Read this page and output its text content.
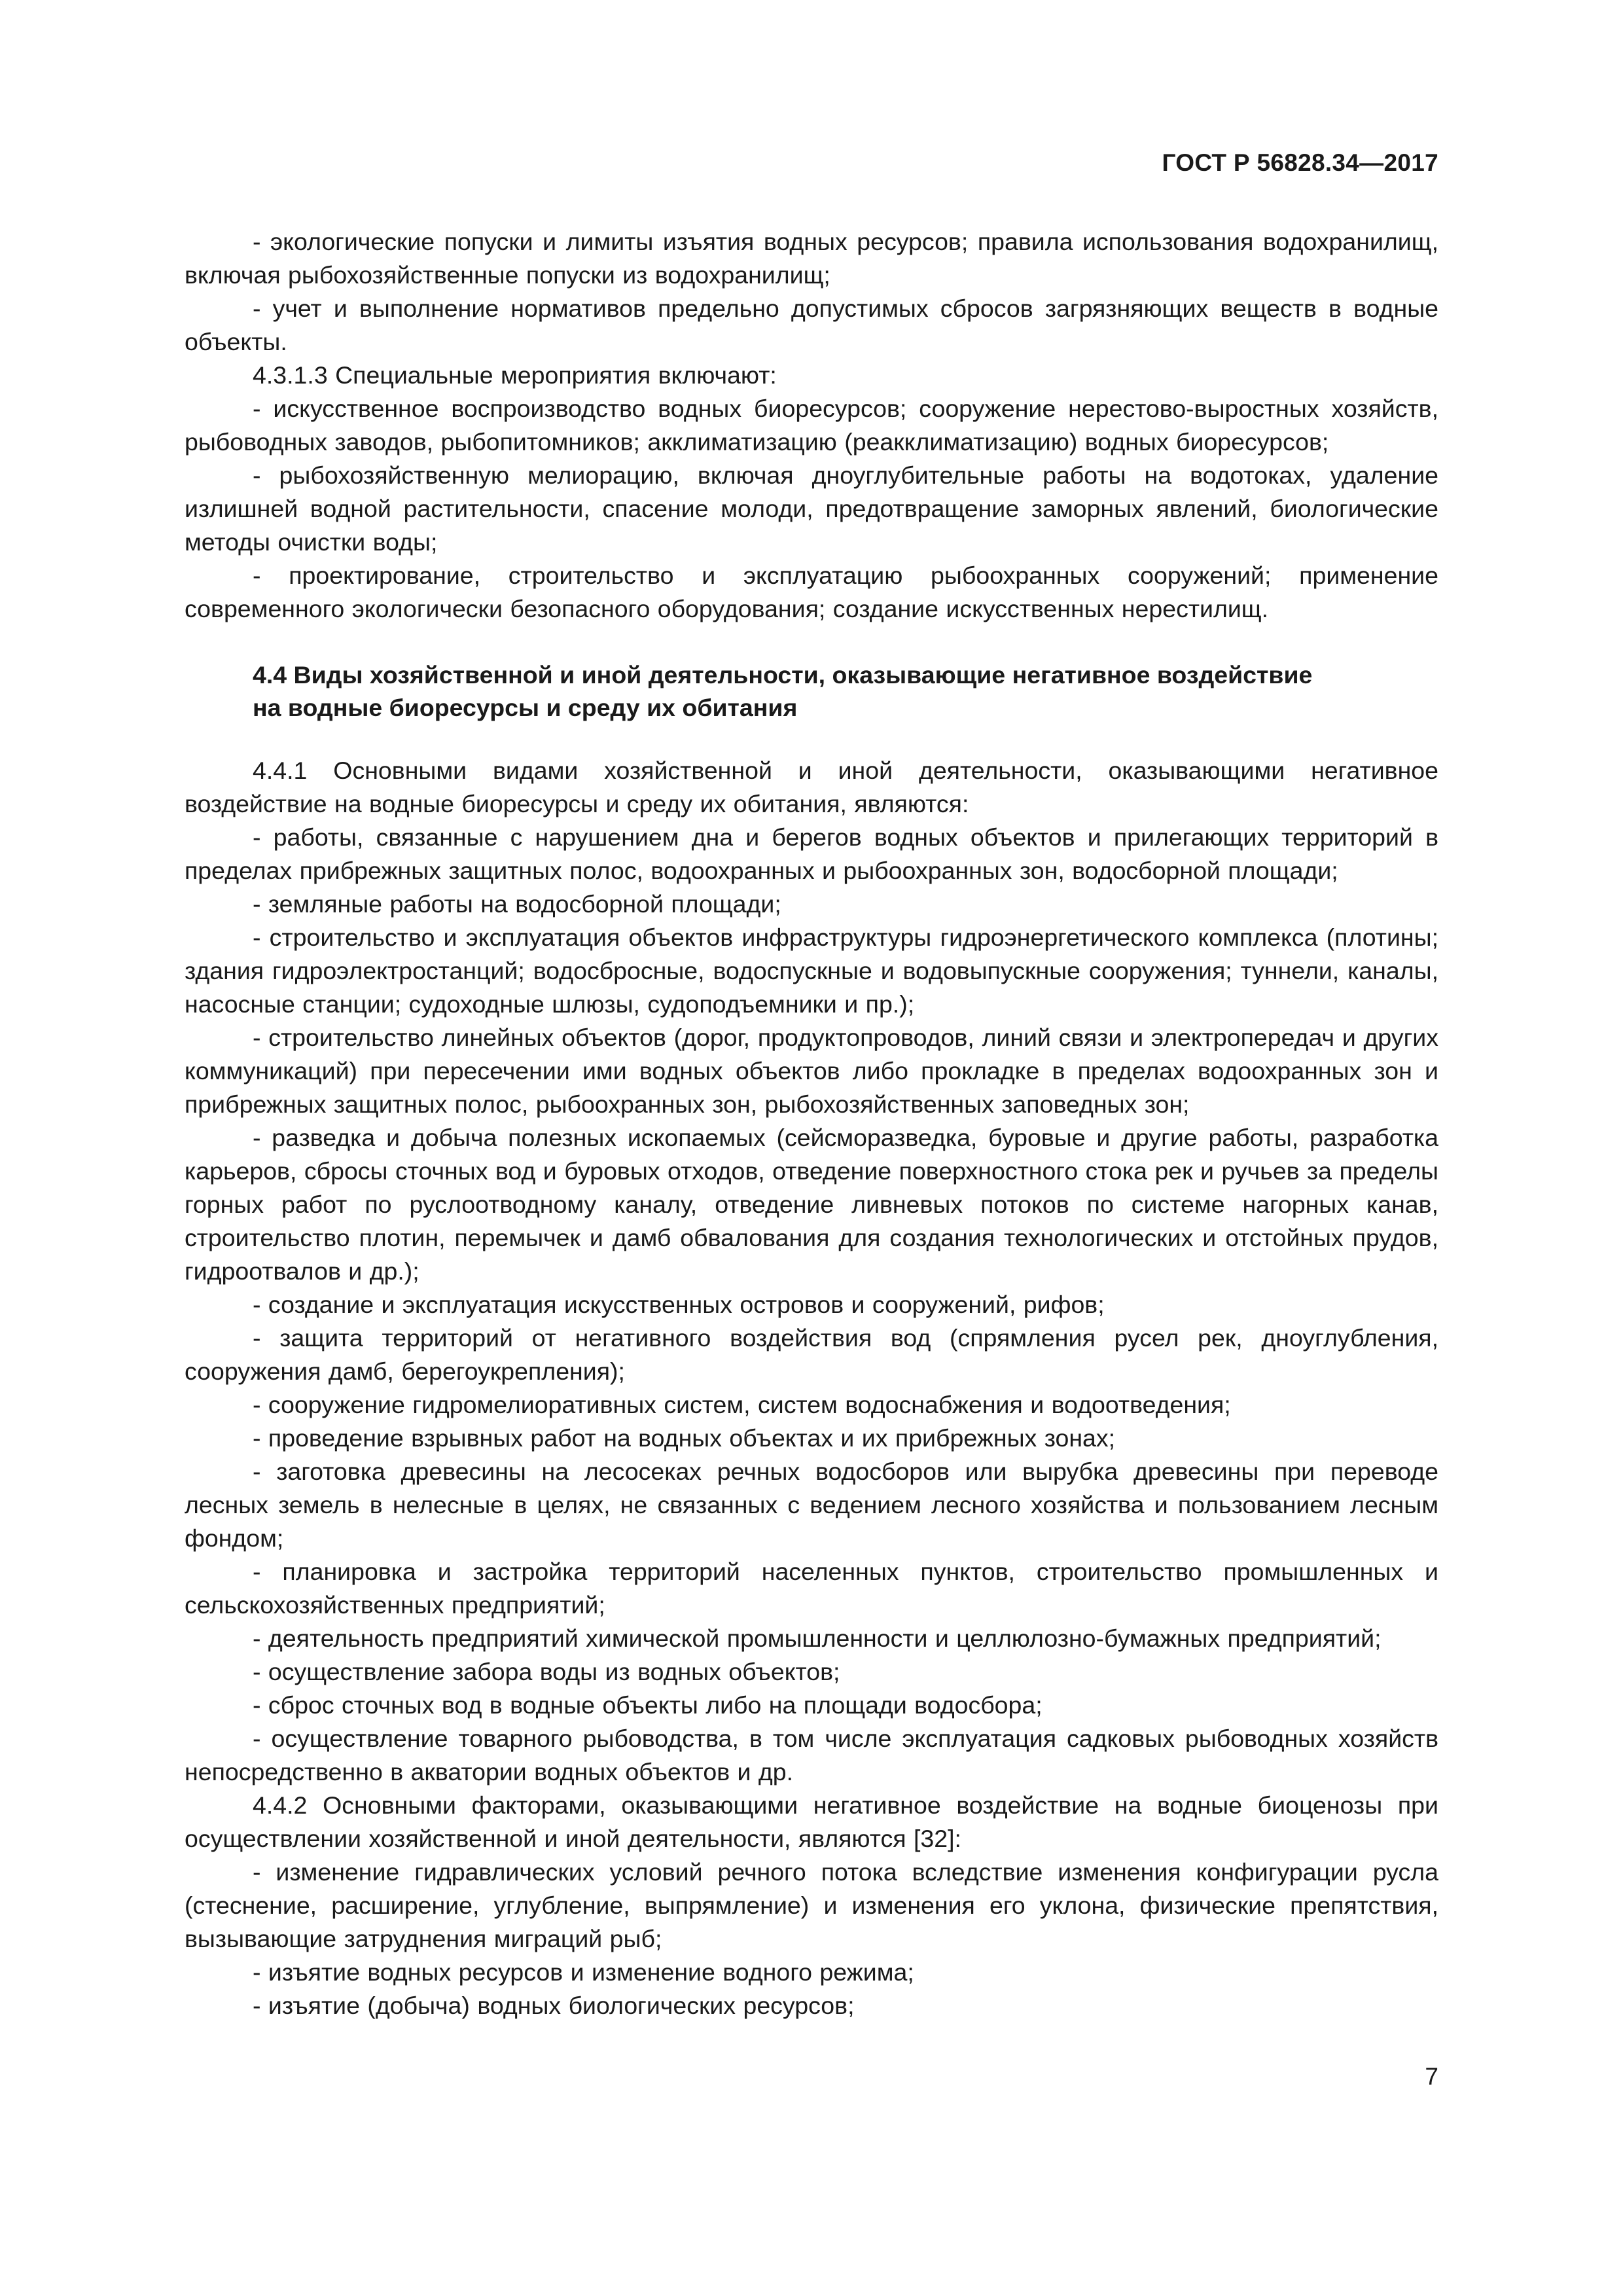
ГОСТ Р 56828.34—2017

- экологические попуски и лимиты изъятия водных ресурсов; правила использования водохранилищ, включая рыбохозяйственные попуски из водохранилищ;

- учет и выполнение нормативов предельно допустимых сбросов загрязняющих веществ в водные объекты.

4.3.1.3 Специальные мероприятия включают:

- искусственное воспроизводство водных биоресурсов; сооружение нерестово-выростных хозяйств, рыбоводных заводов, рыбопитомников; акклиматизацию (реакклиматизацию) водных биоресурсов;

- рыбохозяйственную мелиорацию, включая дноуглубительные работы на водотоках, удаление излишней водной растительности, спасение молоди, предотвращение заморных явлений, биологические методы очистки воды;

- проектирование, строительство и эксплуатацию рыбоохранных сооружений; применение современного экологически безопасного оборудования; создание искусственных нерестилищ.

4.4 Виды хозяйственной и иной деятельности, оказывающие негативное воздействие
на водные биоресурсы и среду их обитания

4.4.1 Основными видами хозяйственной и иной деятельности, оказывающими негативное воздействие на водные биоресурсы и среду их обитания, являются:

- работы, связанные с нарушением дна и берегов водных объектов и прилегающих территорий в пределах прибрежных защитных полос, водоохранных и рыбоохранных зон, водосборной площади;

- земляные работы на водосборной площади;

- строительство и эксплуатация объектов инфраструктуры гидроэнергетического комплекса (плотины; здания гидроэлектростанций; водосбросные, водоспускные и водовыпускные сооружения; туннели, каналы, насосные станции; судоходные шлюзы, судоподъемники и пр.);

- строительство линейных объектов (дорог, продуктопроводов, линий связи и электропередач и других коммуникаций) при пересечении ими водных объектов либо прокладке в пределах водоохранных зон и прибрежных защитных полос, рыбоохранных зон, рыбохозяйственных заповедных зон;

- разведка и добыча полезных ископаемых (сейсморазведка, буровые и другие работы, разработка карьеров, сбросы сточных вод и буровых отходов, отведение поверхностного стока рек и ручьев за пределы горных работ по руслоотводному каналу, отведение ливневых потоков по системе нагорных канав, строительство плотин, перемычек и дамб обвалования для создания технологических и отстойных прудов, гидроотвалов и др.);

- создание и эксплуатация искусственных островов и сооружений, рифов;

- защита территорий от негативного воздействия вод (спрямления русел рек, дноуглубления, сооружения дамб, берегоукрепления);

- сооружение гидромелиоративных систем, систем водоснабжения и водоотведения;

- проведение взрывных работ на водных объектах и их прибрежных зонах;

- заготовка древесины на лесосеках речных водосборов или вырубка древесины при переводе лесных земель в нелесные в целях, не связанных с ведением лесного хозяйства и пользованием лесным фондом;

- планировка и застройка территорий населенных пунктов, строительство промышленных и сельскохозяйственных предприятий;

- деятельность предприятий химической промышленности и целлюлозно-бумажных предприятий;

- осуществление забора воды из водных объектов;

- сброс сточных вод в водные объекты либо на площади водосбора;

- осуществление товарного рыбоводства, в том числе эксплуатация садковых рыбоводных хозяйств непосредственно в акватории водных объектов и др.

4.4.2 Основными факторами, оказывающими негативное воздействие на водные биоценозы при осуществлении хозяйственной и иной деятельности, являются [32]:

- изменение гидравлических условий речного потока вследствие изменения конфигурации русла (стеснение, расширение, углубление, выпрямление) и изменения его уклона, физические препятствия, вызывающие затруднения миграций рыб;

- изъятие водных ресурсов и изменение водного режима;

- изъятие (добыча) водных биологических ресурсов;

7
